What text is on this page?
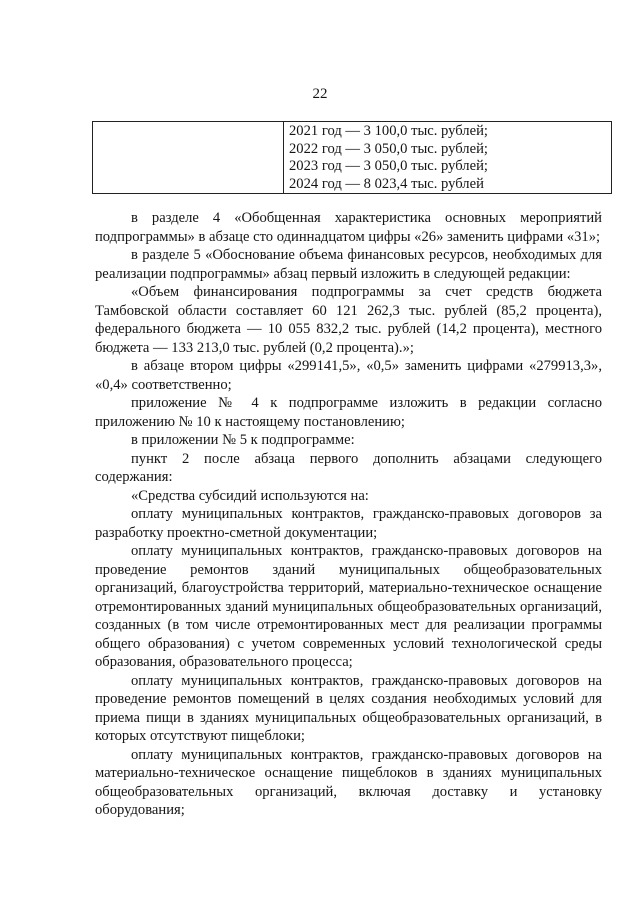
22

2021 год — 3 100,0 тыс. рублей;
2022 год — 3 050,0 тыс. рублей;
2023 год — 3 050,0 тыс. рублей;
2024 год — 8 023,4 тыс. рублей

в разделе 4 «Обобщенная характеристика основных мероприятий подпрограммы» в абзаце сто одиннадцатом цифры «26» заменить цифрами «31»;

в разделе 5 «Обоснование объема финансовых ресурсов, необходимых для реализации подпрограммы» абзац первый изложить в следующей редакции:

«Объем финансирования подпрограммы за счет средств бюджета Тамбовской области составляет 60 121 262,3 тыс. рублей (85,2 процента), федерального бюджета — 10 055 832,2 тыс. рублей (14,2 процента), местного бюджета — 133 213,0 тыс. рублей (0,2 процента).»;

в абзаце втором цифры «299141,5», «0,5» заменить цифрами «279913,3», «0,4» соответственно;

приложение № 4 к подпрограмме изложить в редакции согласно приложению № 10 к настоящему постановлению;

в приложении № 5 к подпрограмме:

пункт 2 после абзаца первого дополнить абзацами следующего содержания:

«Средства субсидий используются на:

оплату муниципальных контрактов, гражданско-правовых договоров за разработку проектно-сметной документации;

оплату муниципальных контрактов, гражданско-правовых договоров на проведение ремонтов зданий муниципальных общеобразовательных организаций, благоустройства территорий, материально-техническое оснащение отремонтированных зданий муниципальных общеобразовательных организаций, созданных (в том числе отремонтированных мест для реализации программы общего образования) с учетом современных условий технологической среды образования, образовательного процесса;

оплату муниципальных контрактов, гражданско-правовых договоров на проведение ремонтов помещений в целях создания необходимых условий для приема пищи в зданиях муниципальных общеобразовательных организаций, в которых отсутствуют пищеблоки;

оплату муниципальных контрактов, гражданско-правовых договоров на материально-техническое оснащение пищеблоков в зданиях муниципальных общеобразовательных организаций, включая доставку и установку оборудования;
